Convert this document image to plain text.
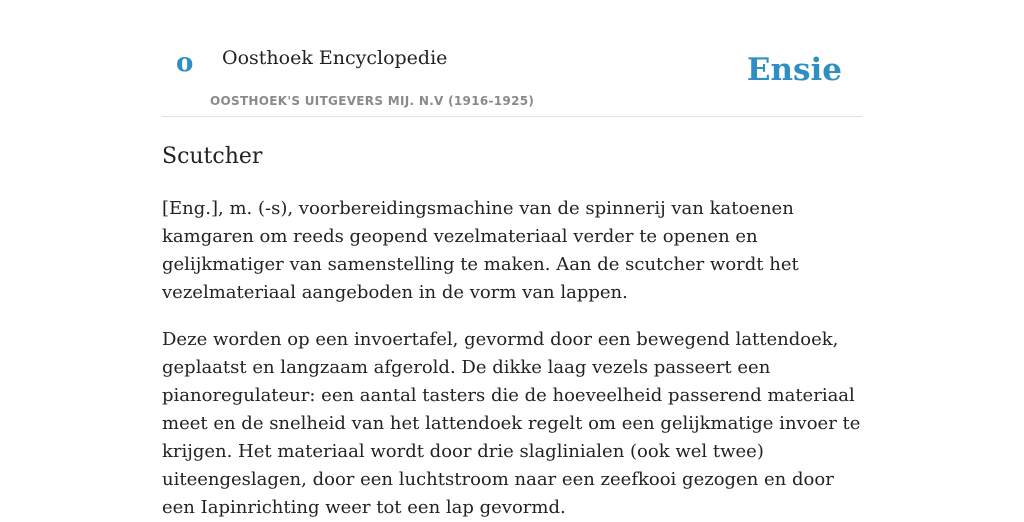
o Oosthoek Encyclopedie
OOSTHOEK'S UITGEVERS MIJ. N.V (1916-1925)
Ensie
Scutcher

[Eng.], m. (-s), voorbereidingsmachine van de spinnerij van katoenen kamgaren om reeds geopend vezelmateriaal verder te openen en gelijkmatiger van samenstelling te maken. Aan de scutcher wordt het vezelmateriaal aangeboden in de vorm van lappen.

Deze worden op een invoertafel, gevormd door een bewegend lattendoek, geplaatst en langzaam afgerold. De dikke laag vezels passeert een pianoregulateur: een aantal tasters die de hoeveelheid passerend materiaal meet en de snelheid van het lattendoek regelt om een gelijkmatige invoer te krijgen. Het materiaal wordt door drie slaglinialen (ook wel twee) uiteengeslagen, door een luchtstroom naar een zeefkooi gezogen en door een Iapinrichting weer tot een lap gevormd.
